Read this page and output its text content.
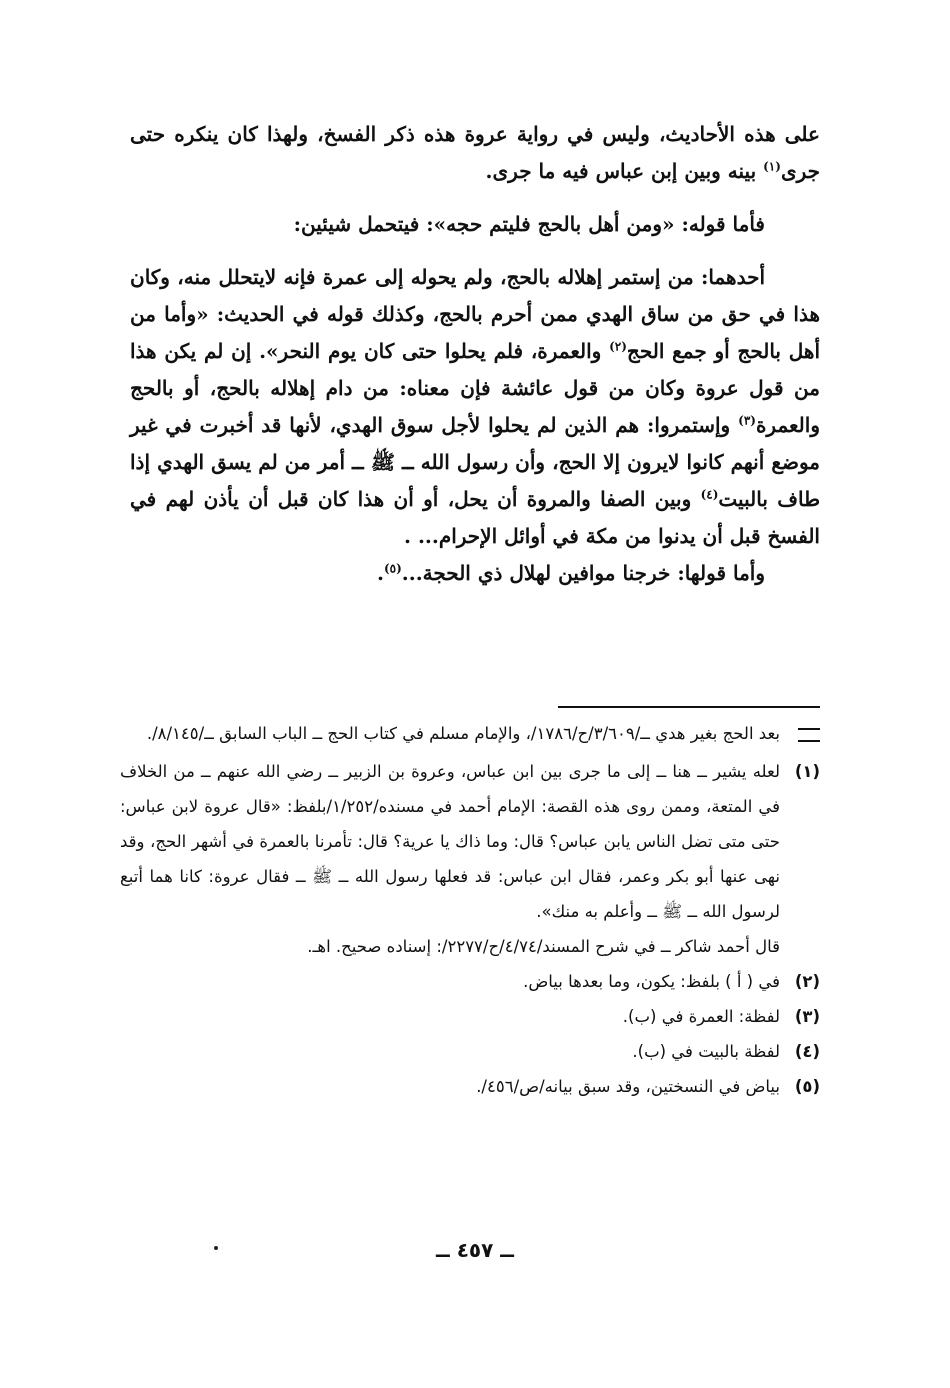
على هذه الأحاديث، وليس في رواية عروة هذه ذكر الفسخ، ولهذا كان ينكره حتى جرى$^{(١)}$ بينه وبين إبن عباس فيه ما جرى.

فأما قوله: «ومن أهل بالحج فليتم حجه»: فيتحمل شيئين:

أحدهما: من إستمر إهلاله بالحج، ولم يحوله إلى عمرة فإنه لايتحلل منه، وكان هذا في حق من ساق الهدي ممن أحرم بالحج، وكذلك قوله في الحديث: «وأما من أهل بالحج أو جمع الحج$^{(٢)}$ والعمرة، فلم يحلوا حتى كان يوم النحر». إن لم يكن هذا من قول عروة وكان من قول عائشة فإن معناه: من دام إهلاله بالحج، أو بالحج والعمرة$^{(٣)}$ وإستمروا: هم الذين لم يحلوا لأجل سوق الهدي، لأنها قد أخبرت في غير موضع أنهم كانوا لايرون إلا الحج، وأن رسول الله ــ ﷺ ــ أمر من لم يسق الهدي إذا طاف بالبيت$^{(٤)}$ وبين الصفا والمروة أن يحل، أو أن هذا كان قبل أن يأذن لهم في الفسخ قبل أن يدنوا من مكة في أوائل الإحرام... .

وأما قولها: خرجنا موافين لهلال ذي الحجة...$^{(٥)}$.

بعد الحج بغير هدي ــ/٣/٦٠٩/ح/١٧٨٦/، والإمام مسلم في كتاب الحج ــ الباب السابق ــ/٨/١٤٥/.
(١)
لعله يشير ــ هنا ــ إلى ما جرى بين ابن عباس، وعروة بن الزبير ــ رضي الله عنهم ــ من الخلاف في المتعة، وممن روى هذه القصة: الإمام أحمد في مسنده/١/٢٥٢/بلفظ: «قال عروة لابن عباس: حتى متى تضل الناس يابن عباس؟ قال: وما ذاك يا عرية؟ قال: تأمرنا بالعمرة في أشهر الحج، وقد نهى عنها أبو بكر وعمر، فقال ابن عباس: قد فعلها رسول الله ــ ﷺ ــ فقال عروة: كانا هما أتبع لرسول الله ــ ﷺ ــ وأعلم به منك».
قال أحمد شاكر ــ في شرح المسند/٤/٧٤/ح/٢٢٧٧/: إسناده صحيح. اهـ.
(٢)
في ( أ ) بلفظ: يكون، وما بعدها بياض.
(٣)
لفظة: العمرة في (ب).
(٤)
لفظة بالبيت في (ب).
(٥)
بياض في النسختين، وقد سبق بيانه/ص/٤٥٦/.
ــ ٤٥٧ ــ
